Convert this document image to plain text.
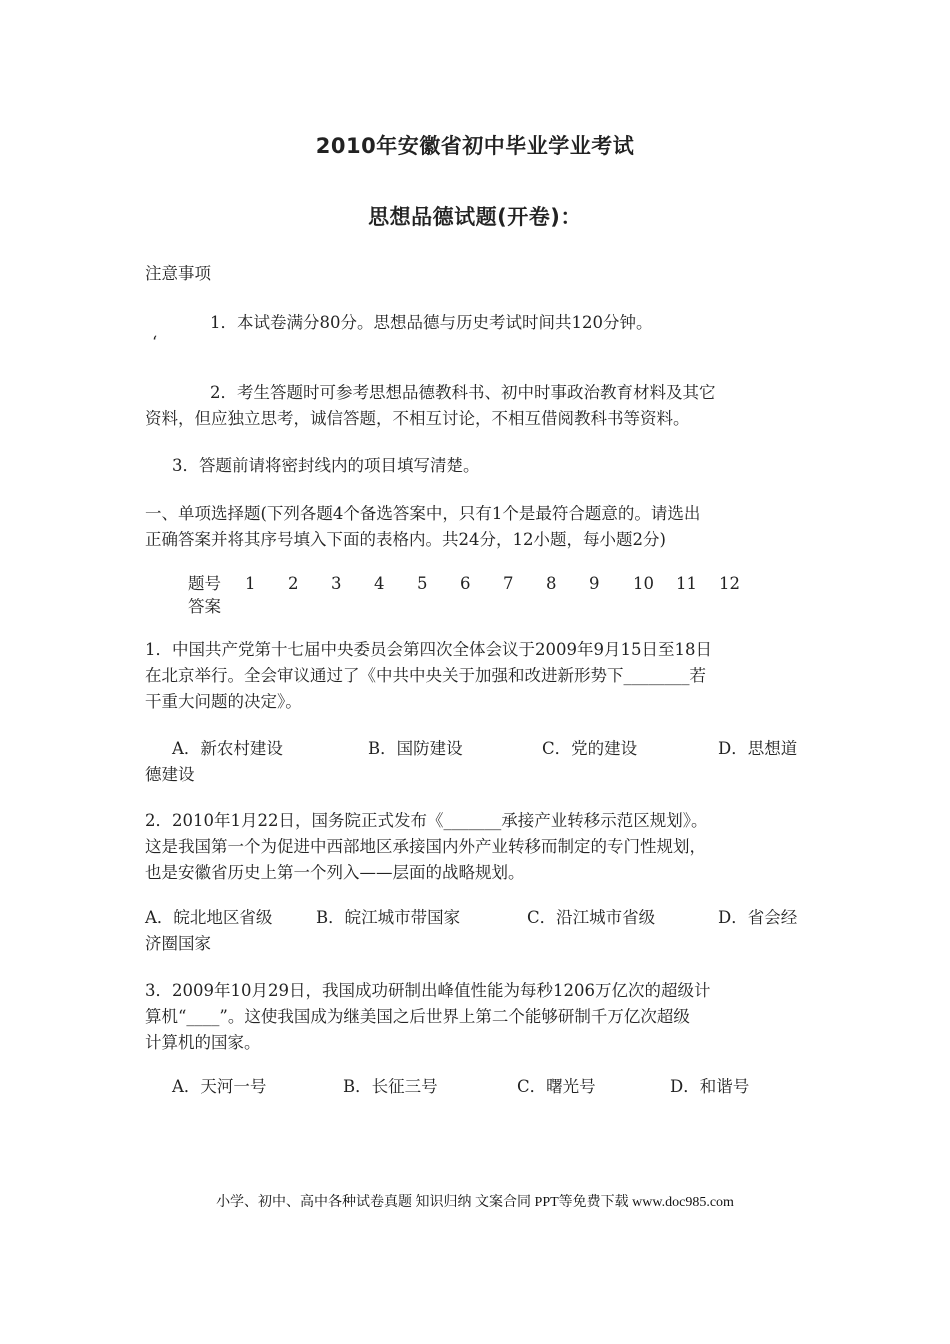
2010年安徽省初中毕业学业考试
思想品德试题(开卷)：
注意事项
1．本试卷满分80分。思想品德与历史考试时间共120分钟。
‘
2．考生答题时可参考思想品德教科书、初中时事政治教育材料及其它
资料，但应独立思考，诚信答题，不相互讨论，不相互借阅教科书等资料。
3．答题前请将密封线内的项目填写清楚。
一、单项选择题(下列各题4个备选答案中，只有1个是最符合题意的。请选出
正确答案并将其序号填入下面的表格内。共24分，12小题，每小题2分)
题号 1 2 3 4 5 6 7 8 9 10 11 12
答案
1．中国共产党第十七届中央委员会第四次全体会议于2009年9月15日至18日
在北京举行。全会审议通过了《中共中央关于加强和改进新形势下________若
干重大问题的决定》。
A．新农村建设	B．国防建设	C．党的建设	D．思想道
德建设
2．2010年1月22日，国务院正式发布《_______承接产业转移示范区规划》。
这是我国第一个为促进中西部地区承接国内外产业转移而制定的专门性规划，
也是安徽省历史上第一个列入——层面的战略规划。
A．皖北地区省级	B．皖江城市带国家	C．沿江城市省级	D．省会经
济圈国家
3．2009年10月29日，我国成功研制出峰值性能为每秒1206万亿次的超级计
算机“____”。这使我国成为继美国之后世界上第二个能够研制千万亿次超级
计算机的国家。
A．天河一号	B．长征三号	C．曙光号	D．和谐号
小学、初中、高中各种试卷真题 知识归纳 文案合同 PPT等免费下载 www.doc985.com
